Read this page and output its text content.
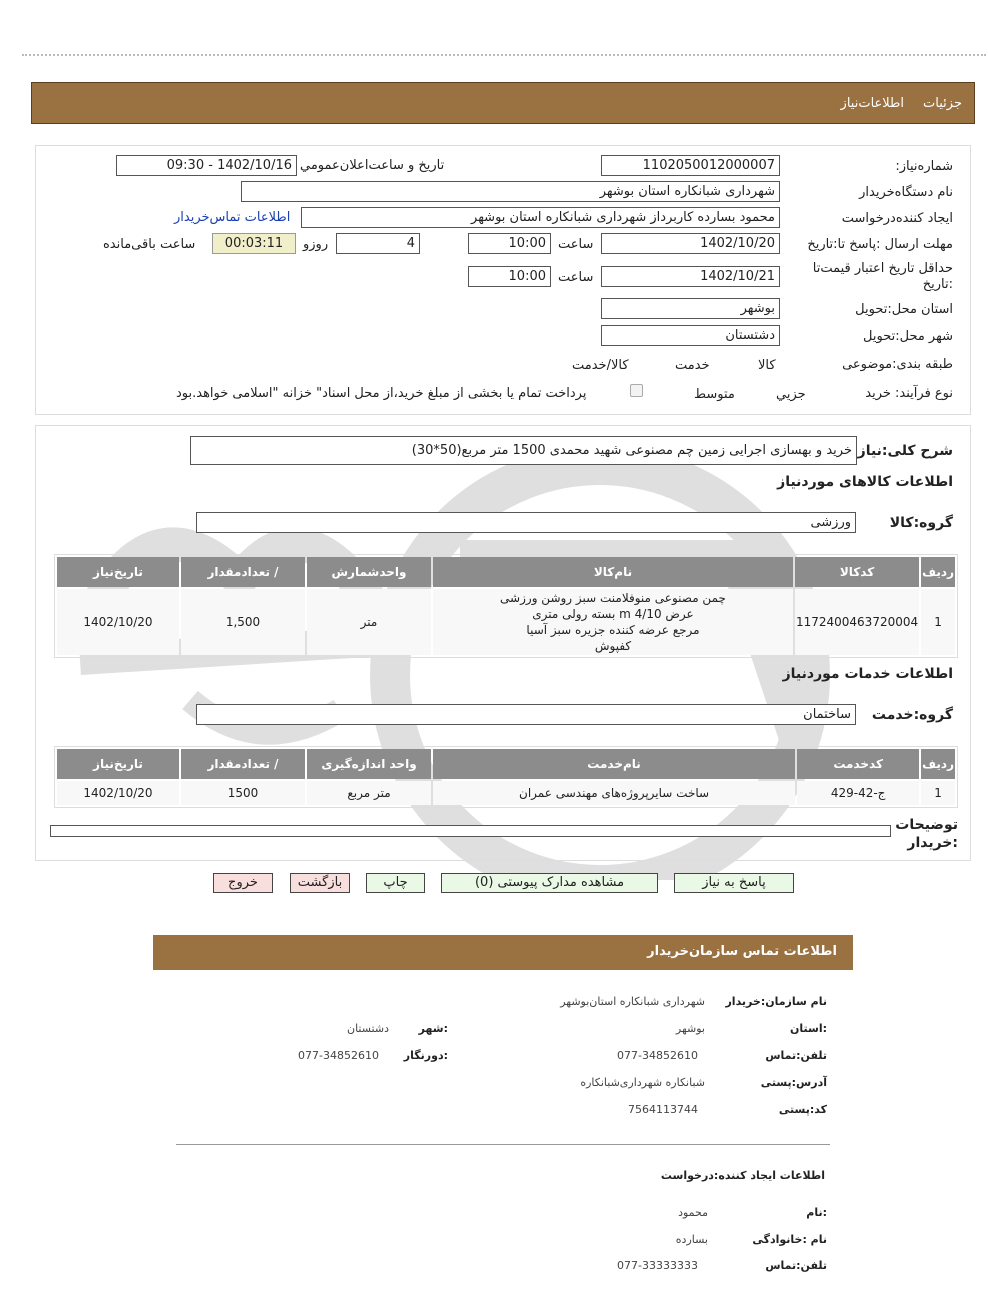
جزئیات
اطلاعات‌نیاز
شماره‌نیاز:
1102050012000007
تاریخ و ساعت‌اعلان‌عمومي
1402/10/16 - 09:30
نام دستگاه‌خریدار
شهرداری شبانکاره استان بوشهر
ایجاد کننده‌درخواست
محمود بسارده کاربرداز شهرداری شبانکاره استان بوشهر
اطلاعات تماس‌خریدار
مهلت ارسال :پاسخ تا:تاریخ
1402/10/20
ساعت
10:00
4
روزو
00:03:11
ساعت باقی‌مانده
حداقل تاریخ اعتبار قیمت‌تا :تاریخ
1402/10/21
ساعت
10:00
استان محل:تحویل
بوشهر
شهر محل:تحویل
دشتستان
طبقه بندی:موضوعی

کالا

خدمت

کالا/خدمت
نوع فرآیند: خرید

جزیي
متوسط
پرداخت تمام یا بخشی از مبلغ خرید،از محل اسناد" خزانه "اسلامی خواهد.بود
شرح کلی:نیاز
خرید و بهسازی اجرایی زمین چم مصنوعی شهید محمدی 1500 متر مربع(50*30)
اطلاعات کالاهای موردنیاز
گروه:کالا
ورزشی
ردیف	کدکالا	نام‌کالا	واحدشمارش	/ تعدادمقدار	تاریخ‌نیاز
1	1172400463720004	چمن مصنوعی منوفلامنت سبز روشن ورزشی
عرض 4/10 m بسته رولی متری
مرجع عرضه کننده جزیره سبز آسیا
کفپوش	متر	1,500	1402/10/20
اطلاعات خدمات موردنیاز
گروه:خدمت
ساختمان
ردیف	کدخدمت	نام‌خدمت	واحد اندازه‌گیری	/ تعدادمقدار	تاریخ‌نیاز
1	ج-42-429	ساخت سایرپروژه‌های مهندسی عمران	متر مربع	1500	1402/10/20
توضیحات
:خریدار
پاسخ به نیاز
مشاهده مدارک پیوستی (0)
چاپ
بازگشت
خروج
اطلاعات تماس سازمان‌خریدار
نام سازمان:خریدار
شهرداری شبانکاره استان‌بوشهر
:استان
بوشهر
:شهر
دشتستان
تلفن:تماس
077-34852610
:دورنگار
077-34852610
آدرس:پستی
شبانکاره شهرداری‌شبانکاره
کد:پستی
7564113744
اطلاعات ایجاد کننده:درخواست
:نام
محمود
نام :خانوادگی
بسارده
تلفن:تماس
077-33333333
